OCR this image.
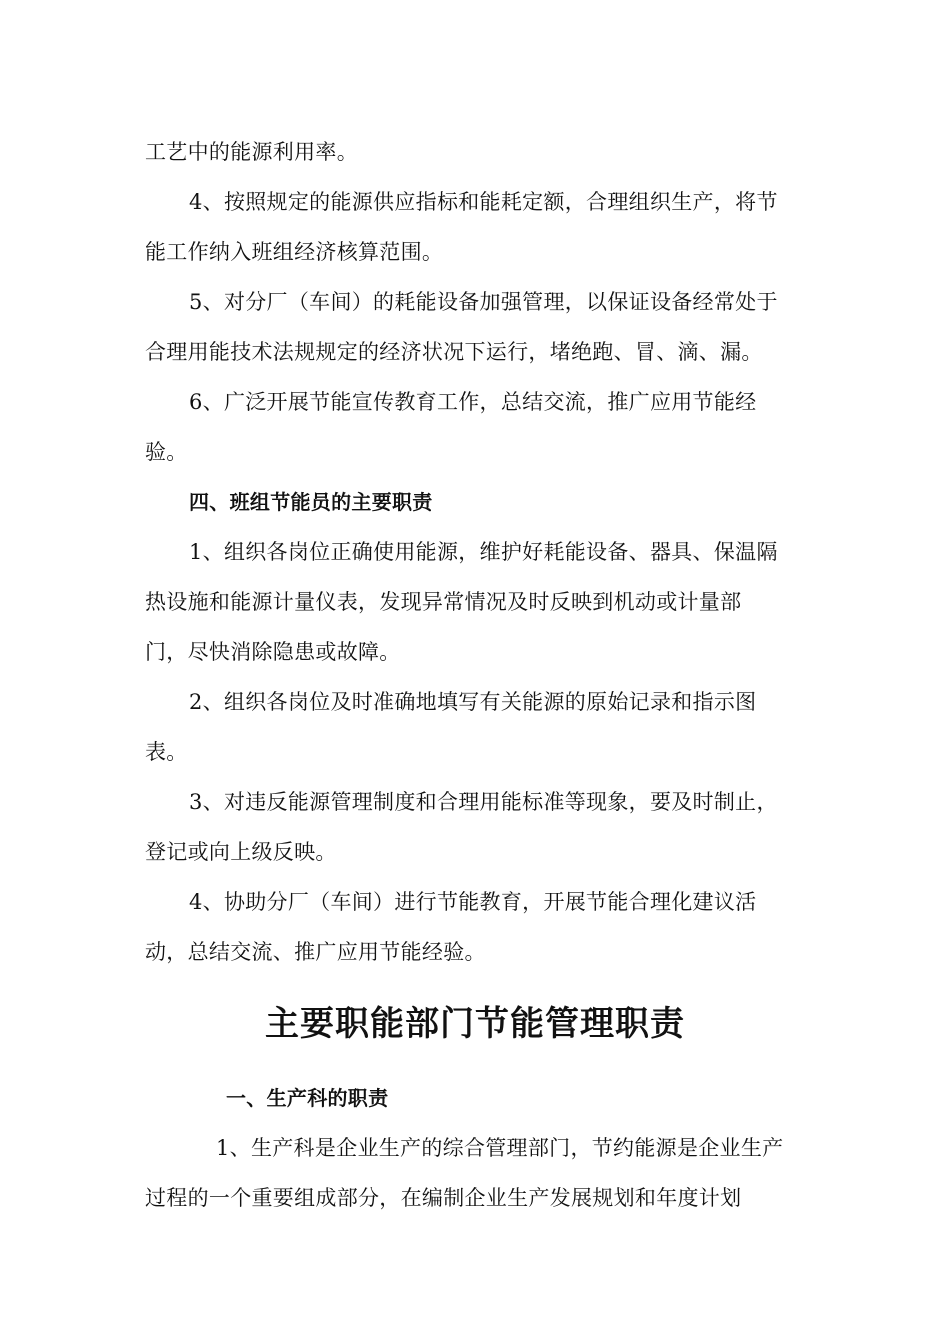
工艺中的能源利用率。
4、按照规定的能源供应指标和能耗定额，合理组织生产，将节
能工作纳入班组经济核算范围。
5、对分厂（车间）的耗能设备加强管理，以保证设备经常处于
合理用能技术法规规定的经济状况下运行，堵绝跑、冒、滴、漏。
6、广泛开展节能宣传教育工作，总结交流，推广应用节能经
验。
四、班组节能员的主要职责
1、组织各岗位正确使用能源，维护好耗能设备、器具、保温隔
热设施和能源计量仪表，发现异常情况及时反映到机动或计量部
门，尽快消除隐患或故障。
2、组织各岗位及时准确地填写有关能源的原始记录和指示图
表。
3、对违反能源管理制度和合理用能标准等现象，要及时制止，
登记或向上级反映。
4、协助分厂（车间）进行节能教育，开展节能合理化建议活
动，总结交流、推广应用节能经验。
主要职能部门节能管理职责
一、生产科的职责
1、生产科是企业生产的综合管理部门，节约能源是企业生产
过程的一个重要组成部分，在编制企业生产发展规划和年度计划
